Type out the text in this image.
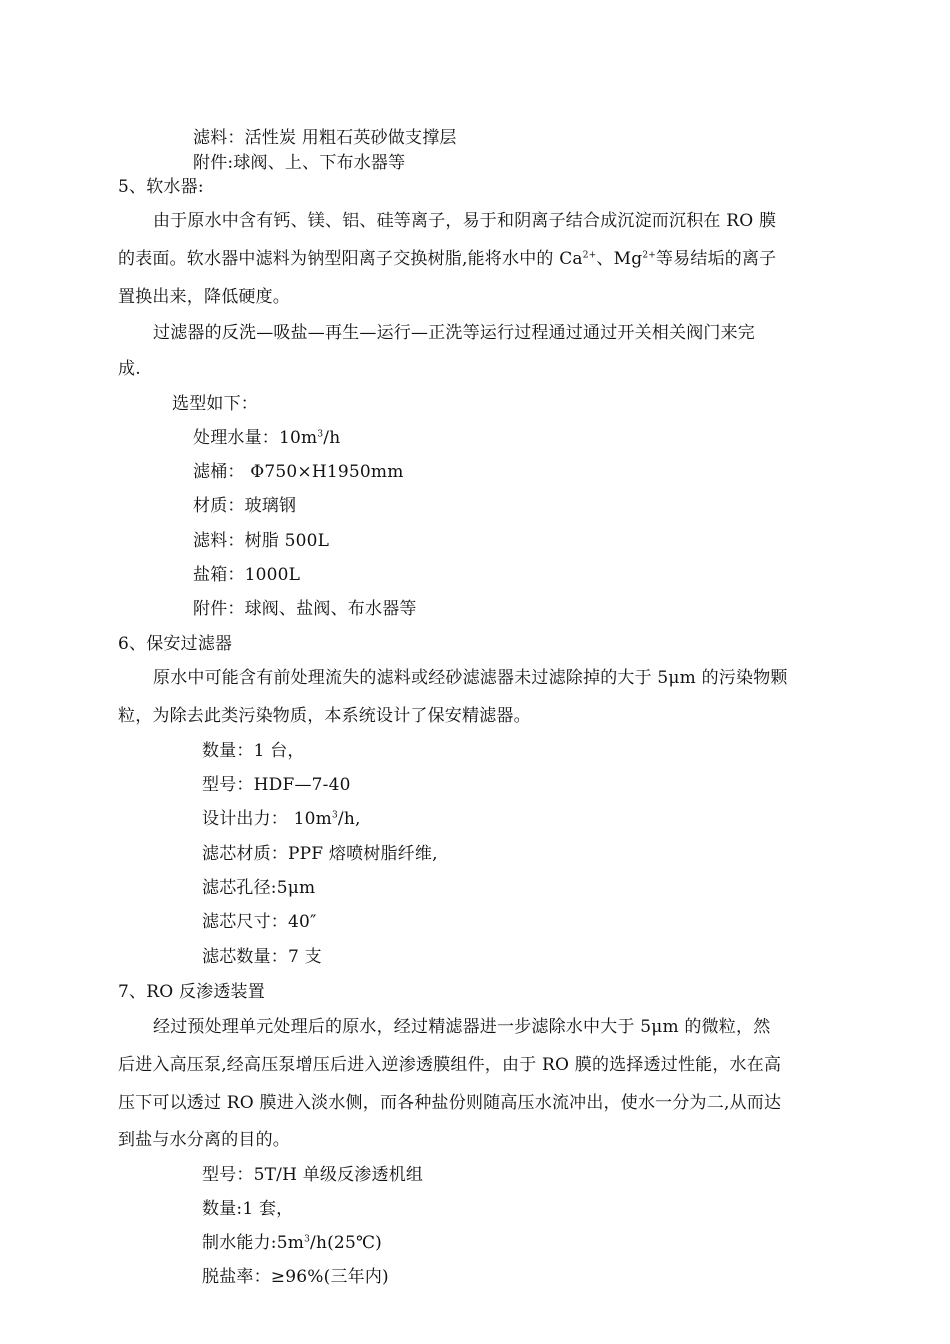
滤料：活性炭 用粗石英砂做支撑层
附件:球阀、上、下布水器等
5、软水器:
由于原水中含有钙、镁、铝、硅等离子，易于和阴离子结合成沉淀而沉积在 RO 膜
的表面。软水器中滤料为钠型阳离子交换树脂,能将水中的 $Ca^{2+}$、$Mg^{2+}$等易结垢的离子
置换出来，降低硬度。
过滤器的反洗—吸盐—再生—运行—正洗等运行过程通过通过开关相关阀门来完
成.
选型如下：
处理水量：$10m^3/h$
滤桶： Φ750×H1950mm
材质：玻璃钢
滤料：树脂 500L
盐箱：1000L
附件：球阀、盐阀、布水器等
6、保安过滤器
原水中可能含有前处理流失的滤料或经砂滤滤器未过滤除掉的大于 5μm 的污染物颗
粒，为除去此类污染物质，本系统设计了保安精滤器。
数量：1 台，
型号：HDF—7-40
设计出力： $10m^3/h$,
滤芯材质：PPF 熔喷树脂纤维,
滤芯孔径:5μm
滤芯尺寸：40″
滤芯数量：7 支
7、RO 反渗透装置
经过预处理单元处理后的原水，经过精滤器进一步滤除水中大于 5μm 的微粒，然
后进入高压泵,经高压泵增压后进入逆渗透膜组件，由于 RO 膜的选择透过性能，水在高
压下可以透过 RO 膜进入淡水侧，而各种盐份则随高压水流冲出，使水一分为二,从而达
到盐与水分离的目的。
型号：5T/H 单级反渗透机组
数量:1 套，
制水能力$:5m^3/h(25℃)$
脱盐率：≥96%(三年内)
